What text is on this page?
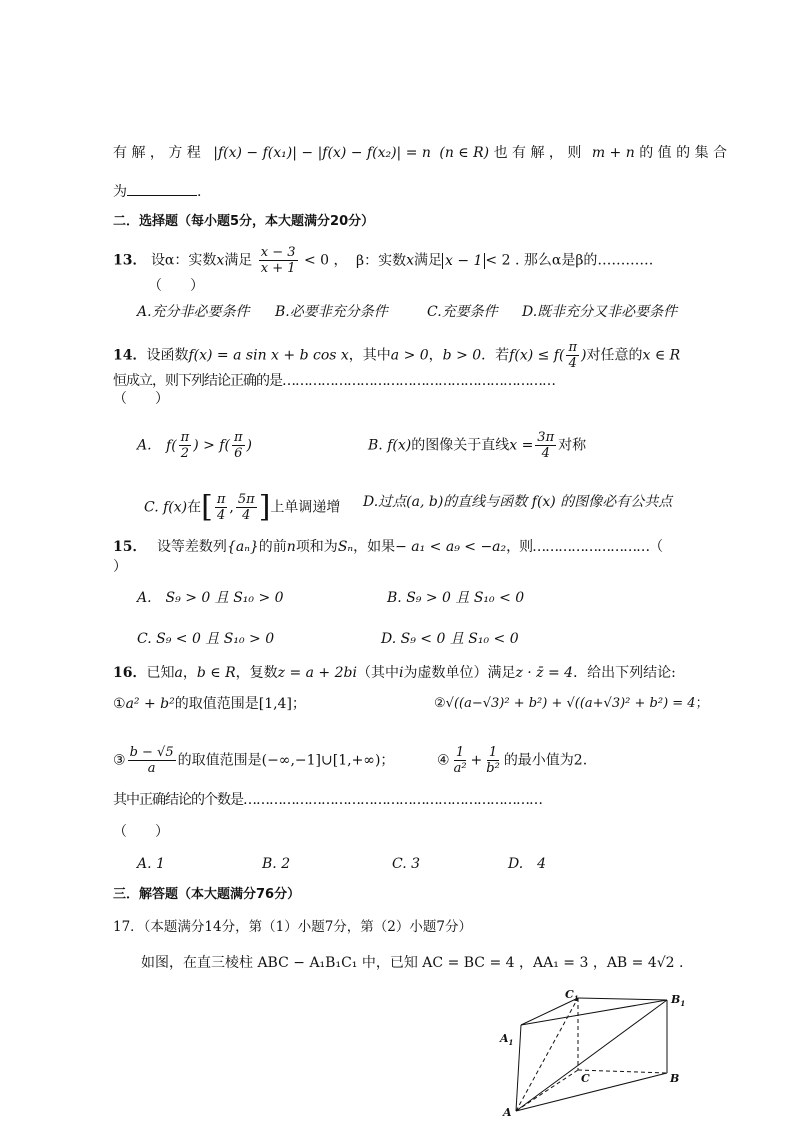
有 解 ， 方 程 |f(x) − f(x₁)| − |f(x) − f(x₂)| = n (n ∈ R) 也 有 解 ， 则 m + n 的 值 的 集 合
为	.
二．选择题（每小题5分，本大题满分20分）
13． 设α：实数x满足 $\frac{x - 3}{x + 1} < 0$ ， β：实数x满足 x − 1 < 2 . 那么α是β的…………
（　　）
A.充分非必要条件 B.必要非充分条件	C.充要条件 D.既非充分又非必要条件
14．设函数f(x) = a sin x + b cos x，其中a > 0，b > 0．若$f(x) \le f( \frac{\pi}{4}$ )对任意的x ∈ R
恒成立，则下列结论正确的是………………………………………………………
（　　）
A. $f( \frac{\pi}{2}$ ) > $f( \frac{\pi}{6}$ )	B. f(x)的图像关于直线$x = \frac{3\pi}{4}$ 对称
C. f(x)在[ $\frac{\pi}{4}$ , $\frac{5\pi}{4}$ ]上单调递增 D.过点(a, b)的直线与函数 f(x) 的图像必有公共点
15． 设等差数列{aₙ}的前n项和为Sₙ，如果− a₁ < a₉ < −a₂，则………………………（
）
A.　S₉ > 0 且 S₁₀ > 0	B. S₉ > 0 且 S₁₀ < 0
C. S₉ < 0 且 S₁₀ > 0	D. S₉ < 0 且 S₁₀ < 0
16．已知a，b ∈ R，复数z = a + 2bi（其中i为虚数单位）满足z · z̄ = 4．给出下列结论:
①a² + b²的取值范围是[1,4]；	②√((a−√3)² + b²) + √((a+√3)² + b²) = 4；
③ $\frac{b - √5}{a}$ 的取值范围是(−∞,−1]∪[1,+∞)；	④ $\frac{1}{\text{a²}} + \frac{1}{\text{b²}}$ 的最小值为2.
其中正确结论的个数是……………………………………………………………
（　　）
A. 1	B. 2	C. 3	D.　4
三．解答题（本大题满分76分）
17．（本题满分14分，第（1）小题7分，第（2）小题7分）
如图，在直三棱柱 ABC − A₁B₁C₁ 中，已知 AC = BC = 4 ，AA₁ = 3 ，AB = 4√2 .
$C_1$	$B_1$
$A_1$
C	B
A
